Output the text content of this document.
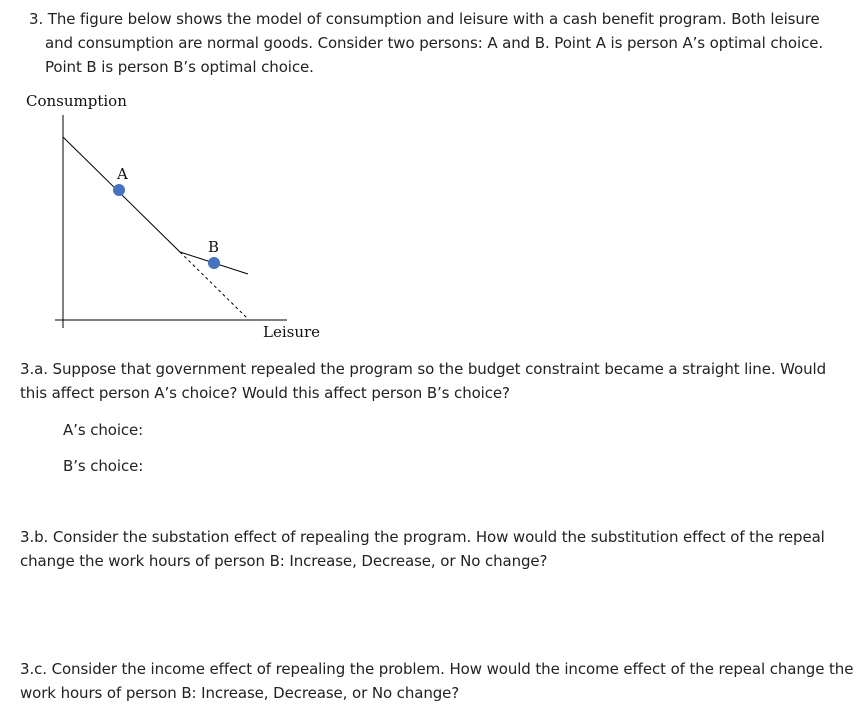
3. The figure below shows the model of consumption and leisure with a cash benefit program. Both leisure and consumption are normal goods. Consider two persons: A and B. Point A is person A’s optimal choice. Point B is person B’s optimal choice.

Consumption
A
B
Leisure

3.a. Suppose that government repealed the program so the budget constraint became a straight line. Would this affect person A’s choice? Would this affect person B’s choice?

A’s choice:

B’s choice:

3.b. Consider the substation effect of repealing the program. How would the substitution effect of the repeal change the work hours of person B: Increase, Decrease, or No change?

3.c. Consider the income effect of repealing the problem. How would the income effect of the repeal change the work hours of person B: Increase, Decrease, or No change?
